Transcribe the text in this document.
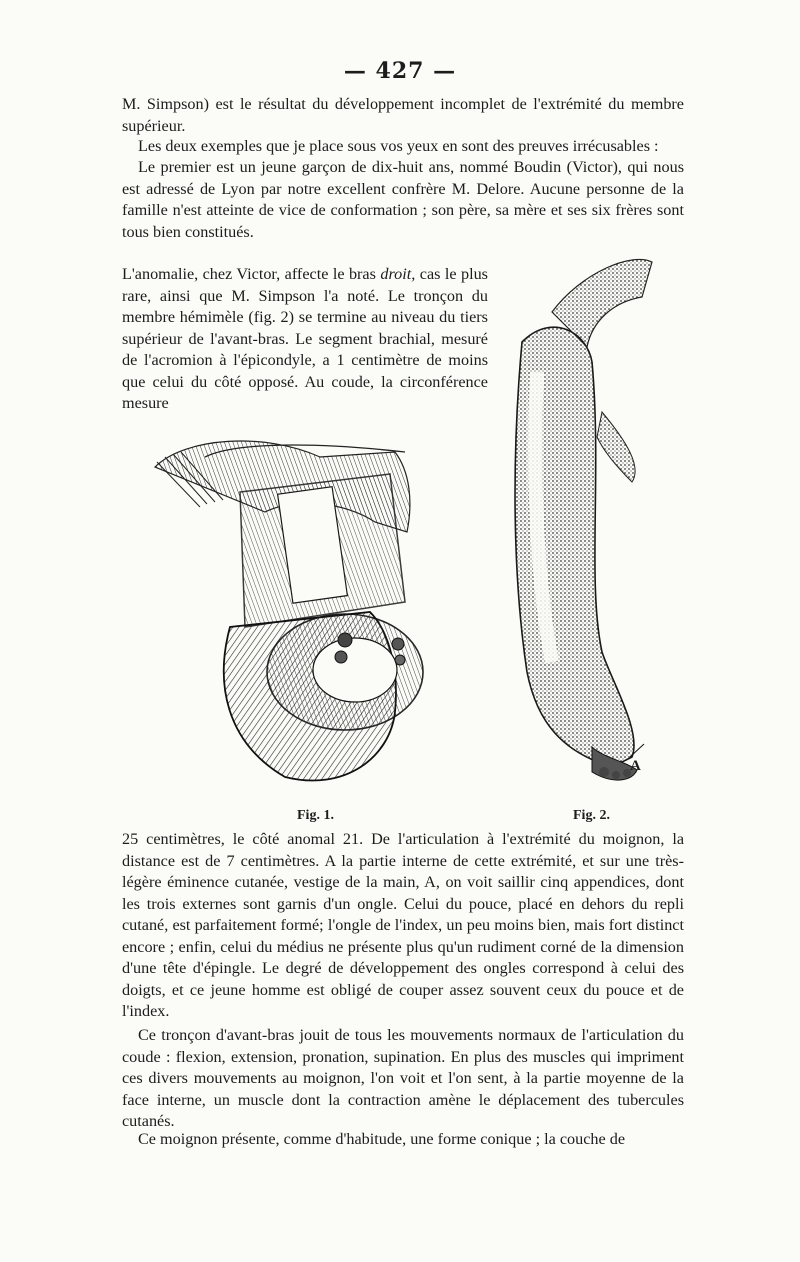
— 427 —

M. Simpson) est le résultat du développement incomplet de l'extrémité du membre supérieur.

Les deux exemples que je place sous vos yeux en sont des preuves irrécusables :

Le premier est un jeune garçon de dix-huit ans, nommé Boudin (Victor), qui nous est adressé de Lyon par notre excellent confrère M. Delore. Aucune personne de la famille n'est atteinte de vice de conformation ; son père, sa mère et ses six frères sont tous bien constitués.

L'anomalie, chez Victor, affecte le bras droit, cas le plus rare, ainsi que M. Simpson l'a noté. Le tronçon du membre hémimèle (fig. 2) se termine au niveau du tiers supérieur de l'avant-bras. Le segment brachial, mesuré de l'acromion à l'épicondyle, a 1 centimètre de moins que celui du côté opposé. Au coude, la circonférence mesure

Fig. 1.	Fig. 2.
A

25 centimètres, le côté anomal 21. De l'articulation à l'extrémité du moignon, la distance est de 7 centimètres. A la partie interne de cette extrémité, et sur une très-légère éminence cutanée, vestige de la main, A, on voit saillir cinq appendices, dont les trois externes sont garnis d'un ongle. Celui du pouce, placé en dehors du repli cutané, est parfaitement formé; l'ongle de l'index, un peu moins bien, mais fort distinct encore ; enfin, celui du médius ne présente plus qu'un rudiment corné de la dimension d'une tête d'épingle. Le degré de développement des ongles correspond à celui des doigts, et ce jeune homme est obligé de couper assez souvent ceux du pouce et de l'index.

Ce tronçon d'avant-bras jouit de tous les mouvements normaux de l'articulation du coude : flexion, extension, pronation, supination. En plus des muscles qui impriment ces divers mouvements au moignon, l'on voit et l'on sent, à la partie moyenne de la face interne, un muscle dont la contraction amène le déplacement des tubercules cutanés.

Ce moignon présente, comme d'habitude, une forme conique ; la couche de
